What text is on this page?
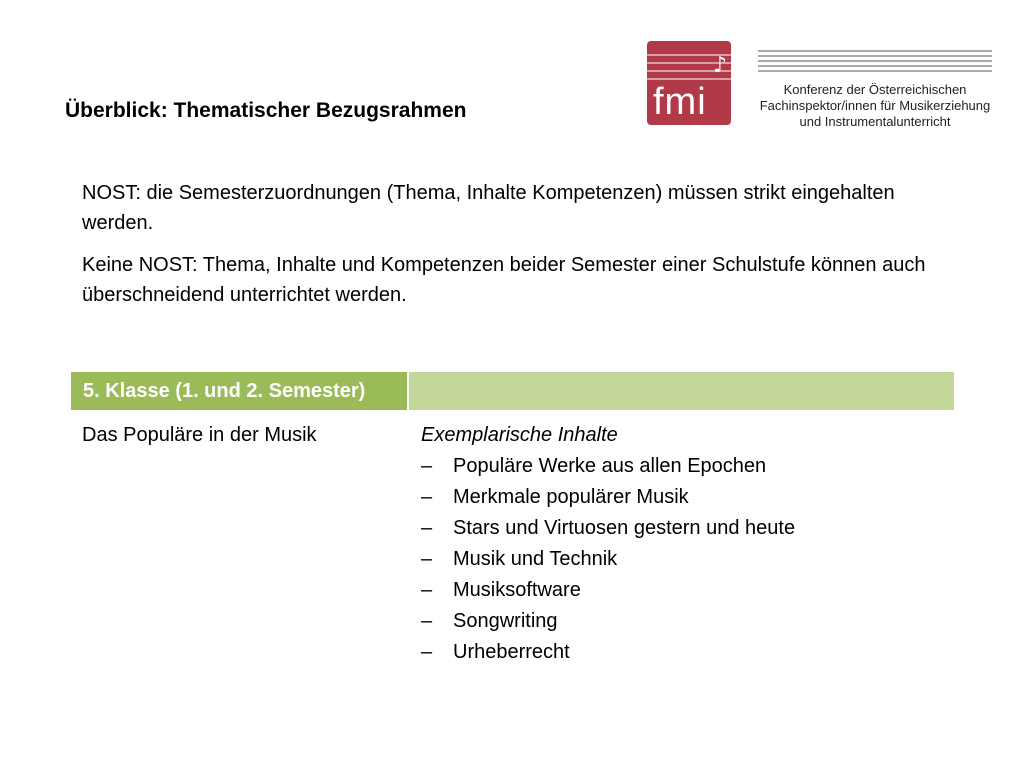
Überblick: Thematischer Bezugsrahmen
♪
fmi	Konferenz der Österreichischen
Fachinspektor/innen für Musikerziehung
und Instrumentalunterricht

NOST: die Semesterzuordnungen (Thema, Inhalte Kompetenzen) müssen strikt eingehalten werden.

Keine NOST: Thema, Inhalte und Kompetenzen beider Semester einer Schulstufe können auch überschneidend unterrichtet werden.

5. Klasse (1. und 2. Semester)
Das Populäre in der Musik	Exemplarische Inhalte
–	Populäre Werke aus allen Epochen
–	Merkmale populärer Musik
–	Stars und Virtuosen gestern und heute
–	Musik und Technik
–	Musiksoftware
–	Songwriting
–	Urheberrecht
